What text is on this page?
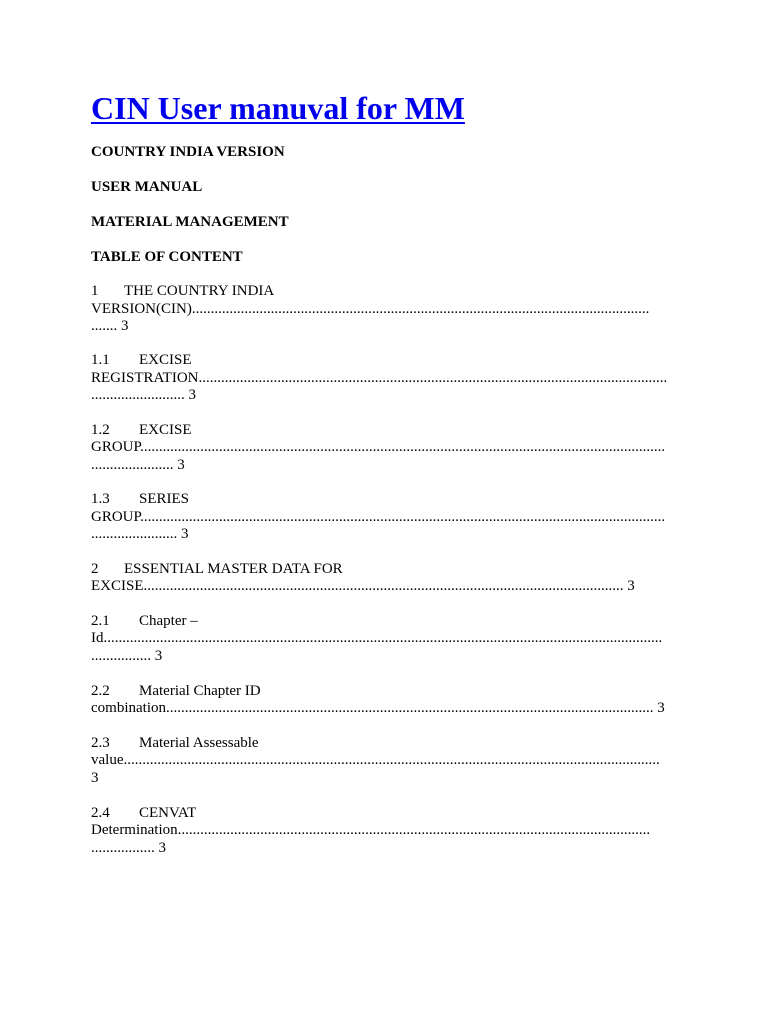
CIN User manuval for MM

COUNTRY INDIA VERSION

USER MANUAL

MATERIAL MANAGEMENT

TABLE OF CONTENT

1 THE COUNTRY INDIA
VERSION(CIN)..........................................................................................................................
....... 3
1.1 EXCISE
REGISTRATION.............................................................................................................................
......................... 3
1.2 EXCISE
GROUP............................................................................................................................................
...................... 3
1.3 SERIES
GROUP............................................................................................................................................
....................... 3
2 ESSENTIAL MASTER DATA FOR
EXCISE................................................................................................................................ 3
2.1 Chapter –
Id.....................................................................................................................................................
................ 3
2.2 Material Chapter ID
combination.................................................................................................................................. 3
2.3 Material Assessable
value...............................................................................................................................................
3
2.4 CENVAT
Determination..............................................................................................................................
................. 3
